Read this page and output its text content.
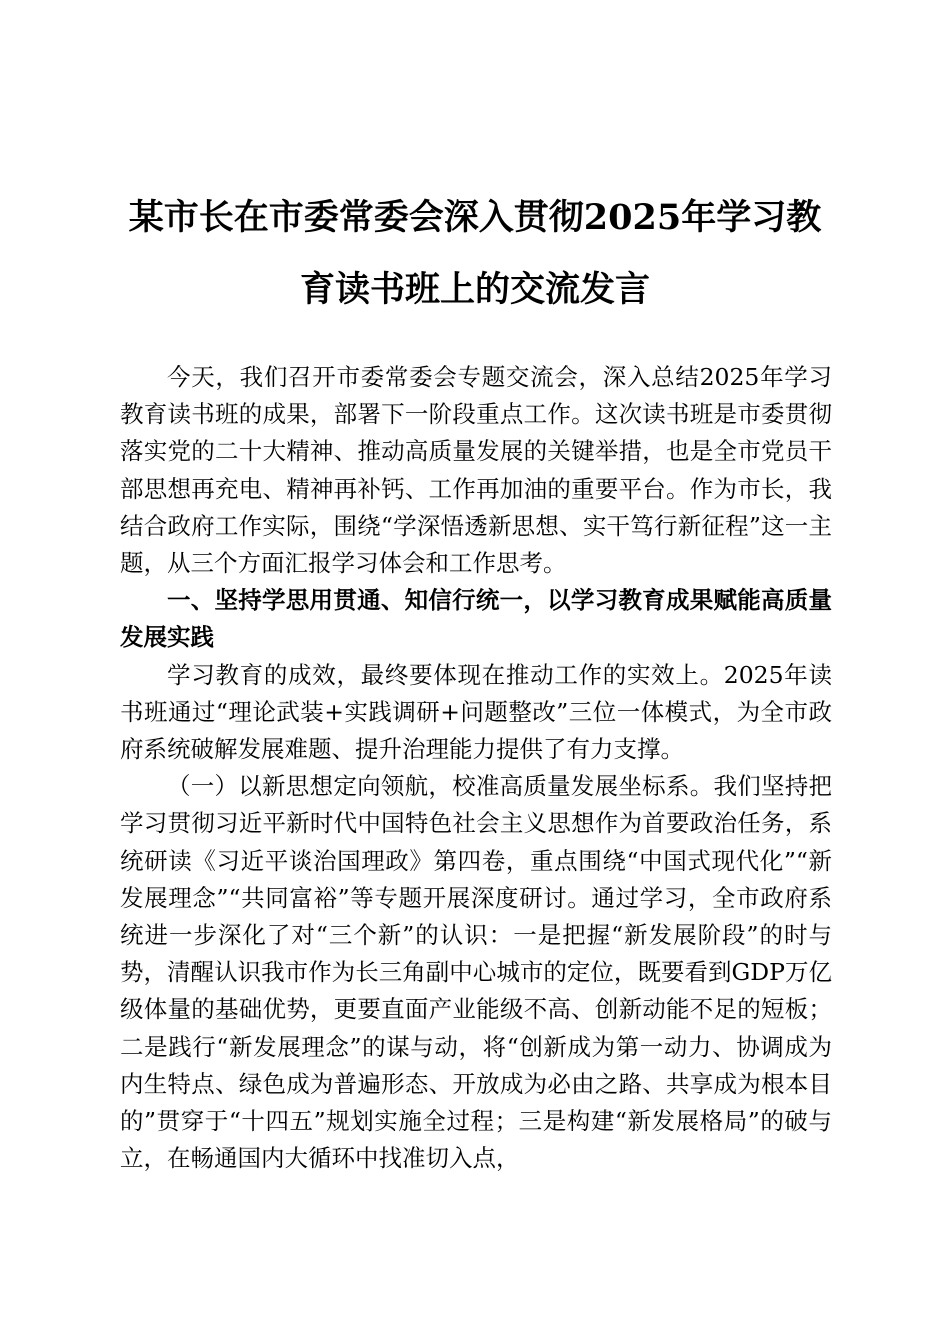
某市长在市委常委会深入贯彻2025年学习教
育读书班上的交流发言

今天，我们召开市委常委会专题交流会，深入总结2025年学习教育读书班的成果，部署下一阶段重点工作。这次读书班是市委贯彻落实党的二十大精神、推动高质量发展的关键举措，也是全市党员干部思想再充电、精神再补钙、工作再加油的重要平台。作为市长，我结合政府工作实际，围绕“学深悟透新思想、实干笃行新征程”这一主题，从三个方面汇报学习体会和工作思考。

一、坚持学思用贯通、知信行统一，以学习教育成果赋能高质量发展实践

学习教育的成效，最终要体现在推动工作的实效上。2025年读书班通过“理论武装+实践调研+问题整改”三位一体模式，为全市政府系统破解发展难题、提升治理能力提供了有力支撑。

（一）以新思想定向领航，校准高质量发展坐标系。我们坚持把学习贯彻习近平新时代中国特色社会主义思想作为首要政治任务，系统研读《习近平谈治国理政》第四卷，重点围绕“中国式现代化”“新发展理念”“共同富裕”等专题开展深度研讨。通过学习，全市政府系统进一步深化了对“三个新”的认识：一是把握“新发展阶段”的时与势，清醒认识我市作为长三角副中心城市的定位，既要看到GDP万亿级体量的基础优势，更要直面产业能级不高、创新动能不足的短板；二是践行“新发展理念”的谋与动，将“创新成为第一动力、协调成为内生特点、绿色成为普遍形态、开放成为必由之路、共享成为根本目的”贯穿于“十四五”规划实施全过程；三是构建“新发展格局”的破与立，在畅通国内大循环中找准切入点，
